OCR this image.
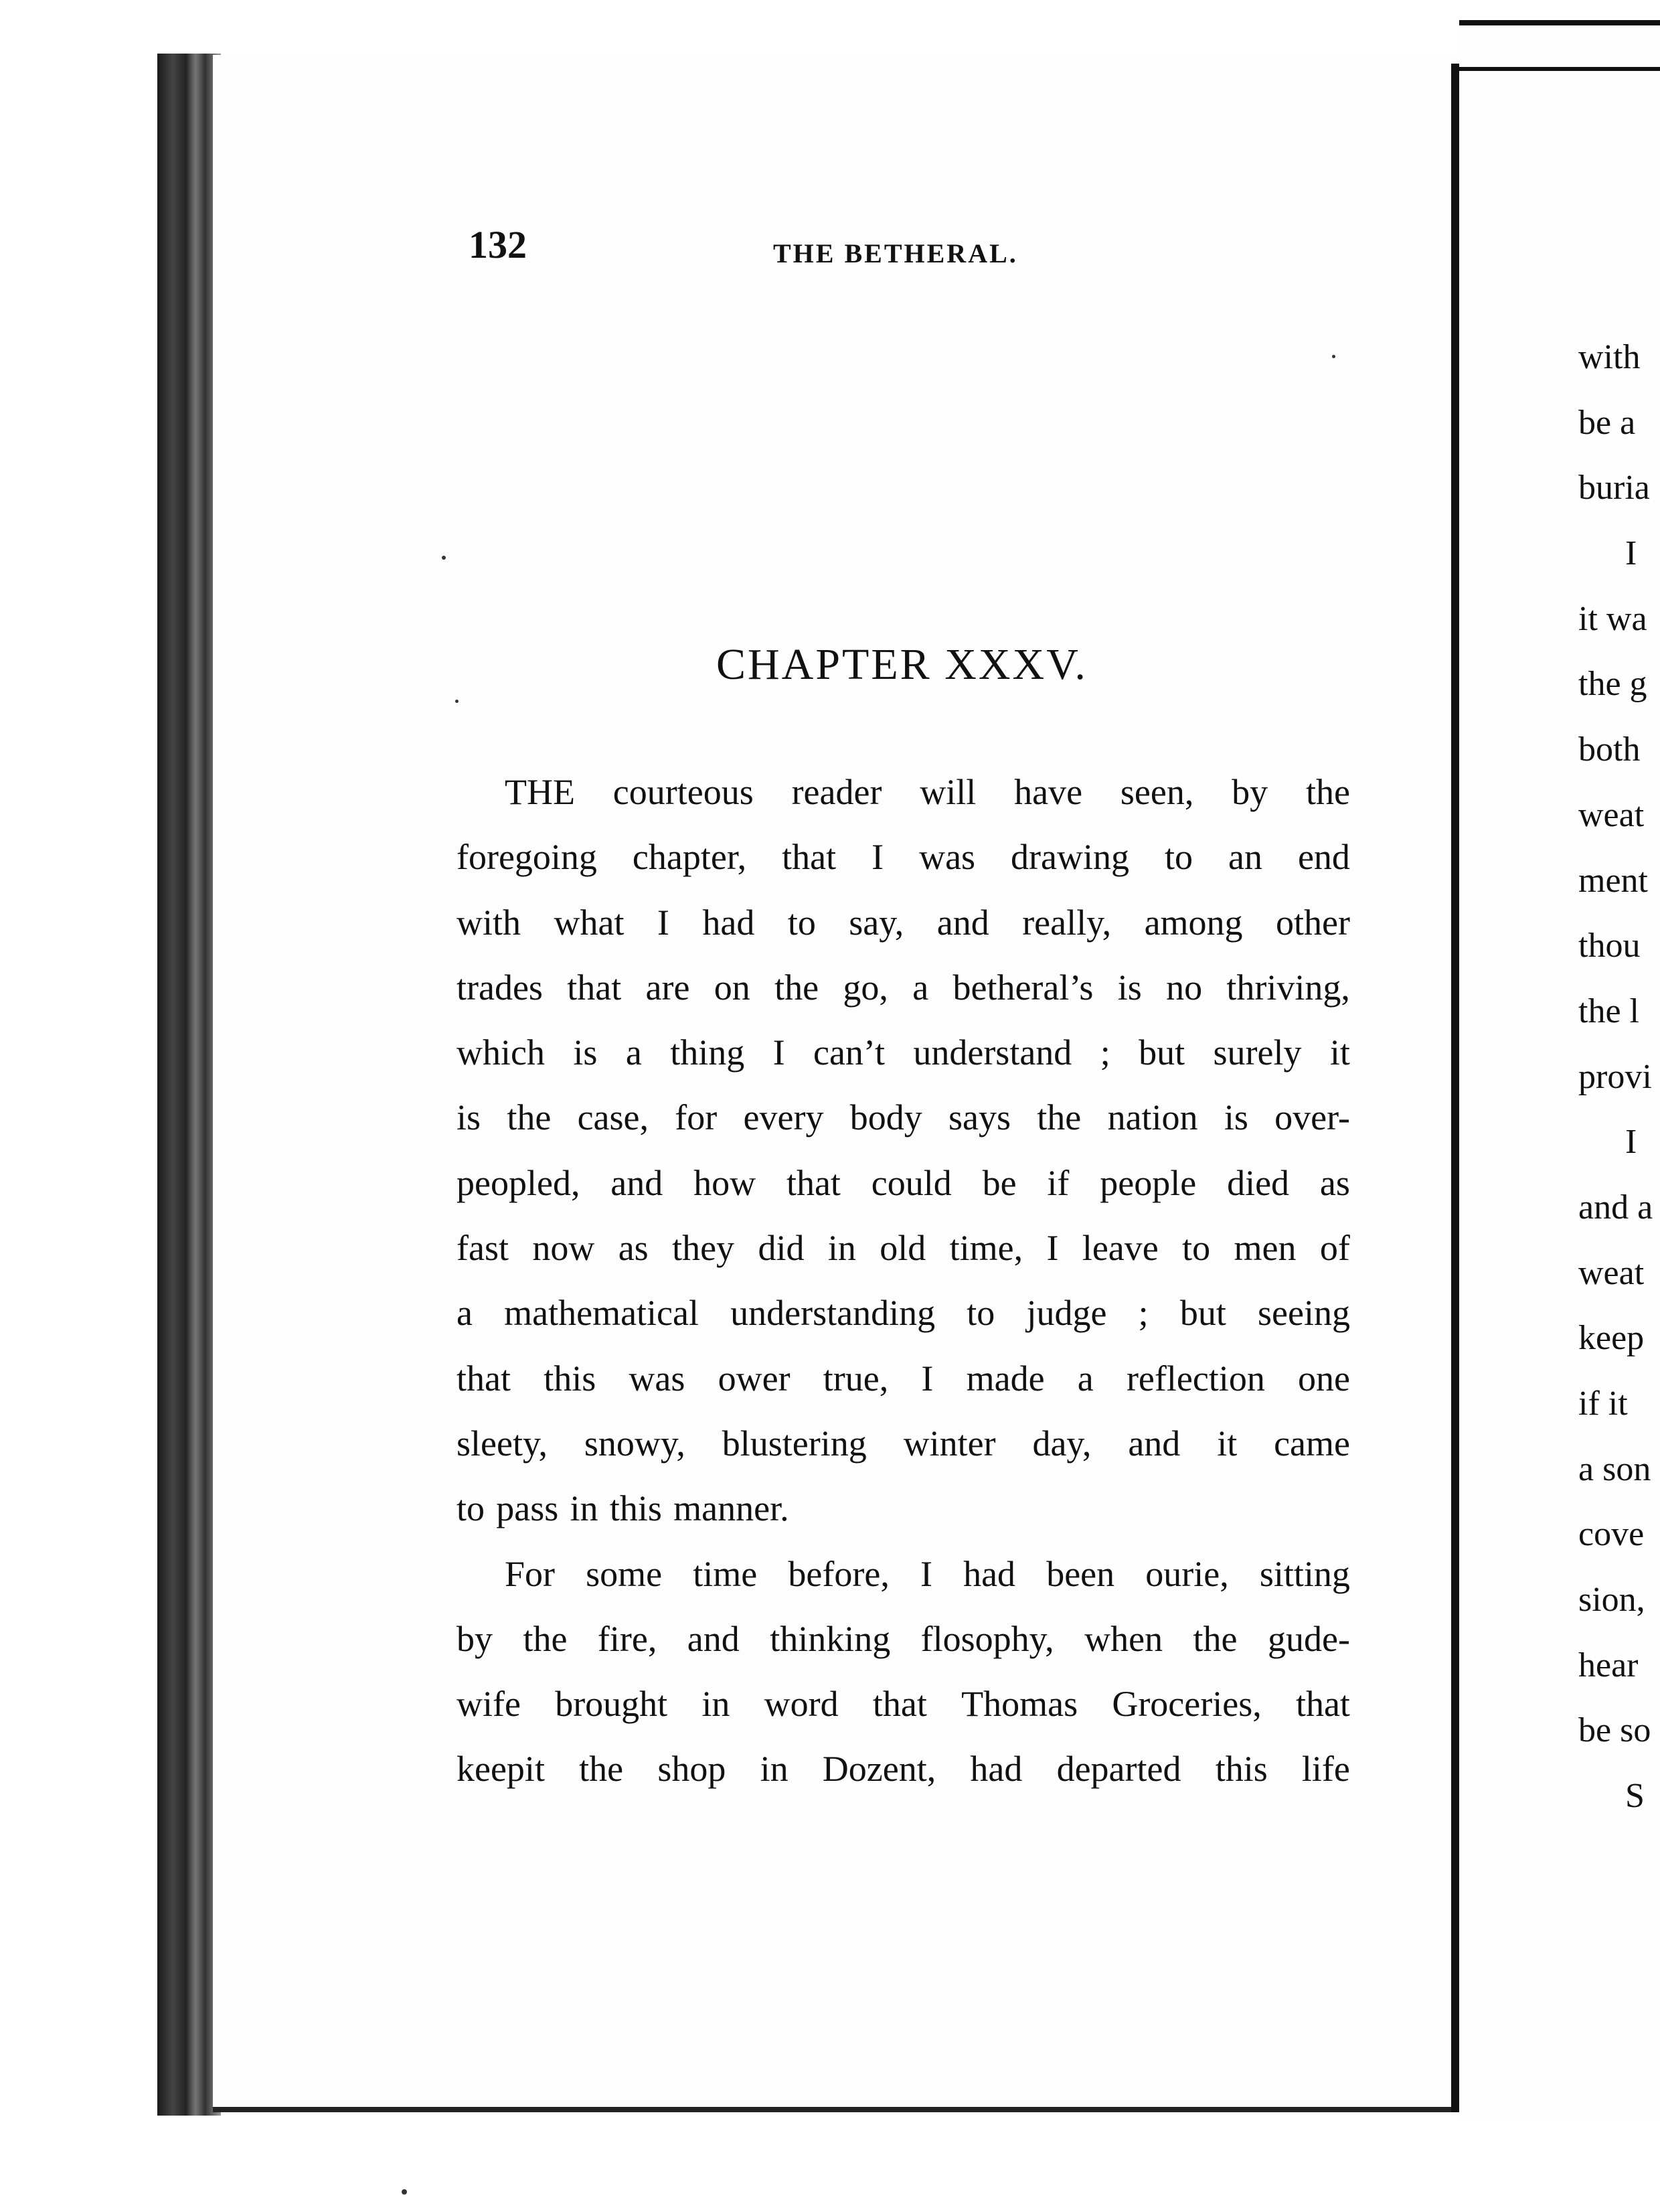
132	THE BETHERAL.
CHAPTER XXXV.
THE courteous reader will have seen, by the
foregoing chapter, that I was drawing to an end
with what I had to say, and really, among other
trades that are on the go, a betheral’s is no thriving,
which is a thing I can’t understand ; but surely it
is the case, for every body says the nation is over-
peopled, and how that could be if people died as
fast now as they did in old time, I leave to men of
a mathematical understanding to judge ; but seeing
that this was ower true, I made a reflection one
sleety, snowy, blustering winter day, and it came
to pass in this manner.
For some time before, I had been ourie, sitting
by the fire, and thinking flosophy, when the gude-
wife brought in word that Thomas Groceries, that
keepit the shop in Dozent, had departed this life
with
be a
buria
I
it wa
the g
both
weat
ment
thou
the l
provi
I
and a
weat
keep
if it
a son
cove
sion,
hear
be so
S
